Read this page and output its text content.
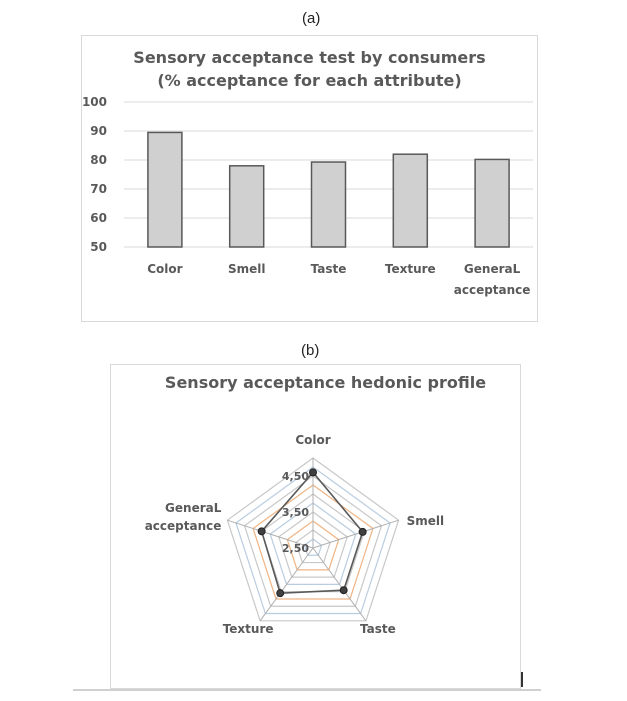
(a)
Sensory acceptance test by consumers
(% acceptance for each attribute)
50
60
70
80
90
100
Color	Smell	Taste	Texture GeneraL
acceptance
(b)
Sensory acceptance hedonic profile
2,50
3,50
4,50
Color
Smell
Taste
Texture
GeneraL
acceptance
